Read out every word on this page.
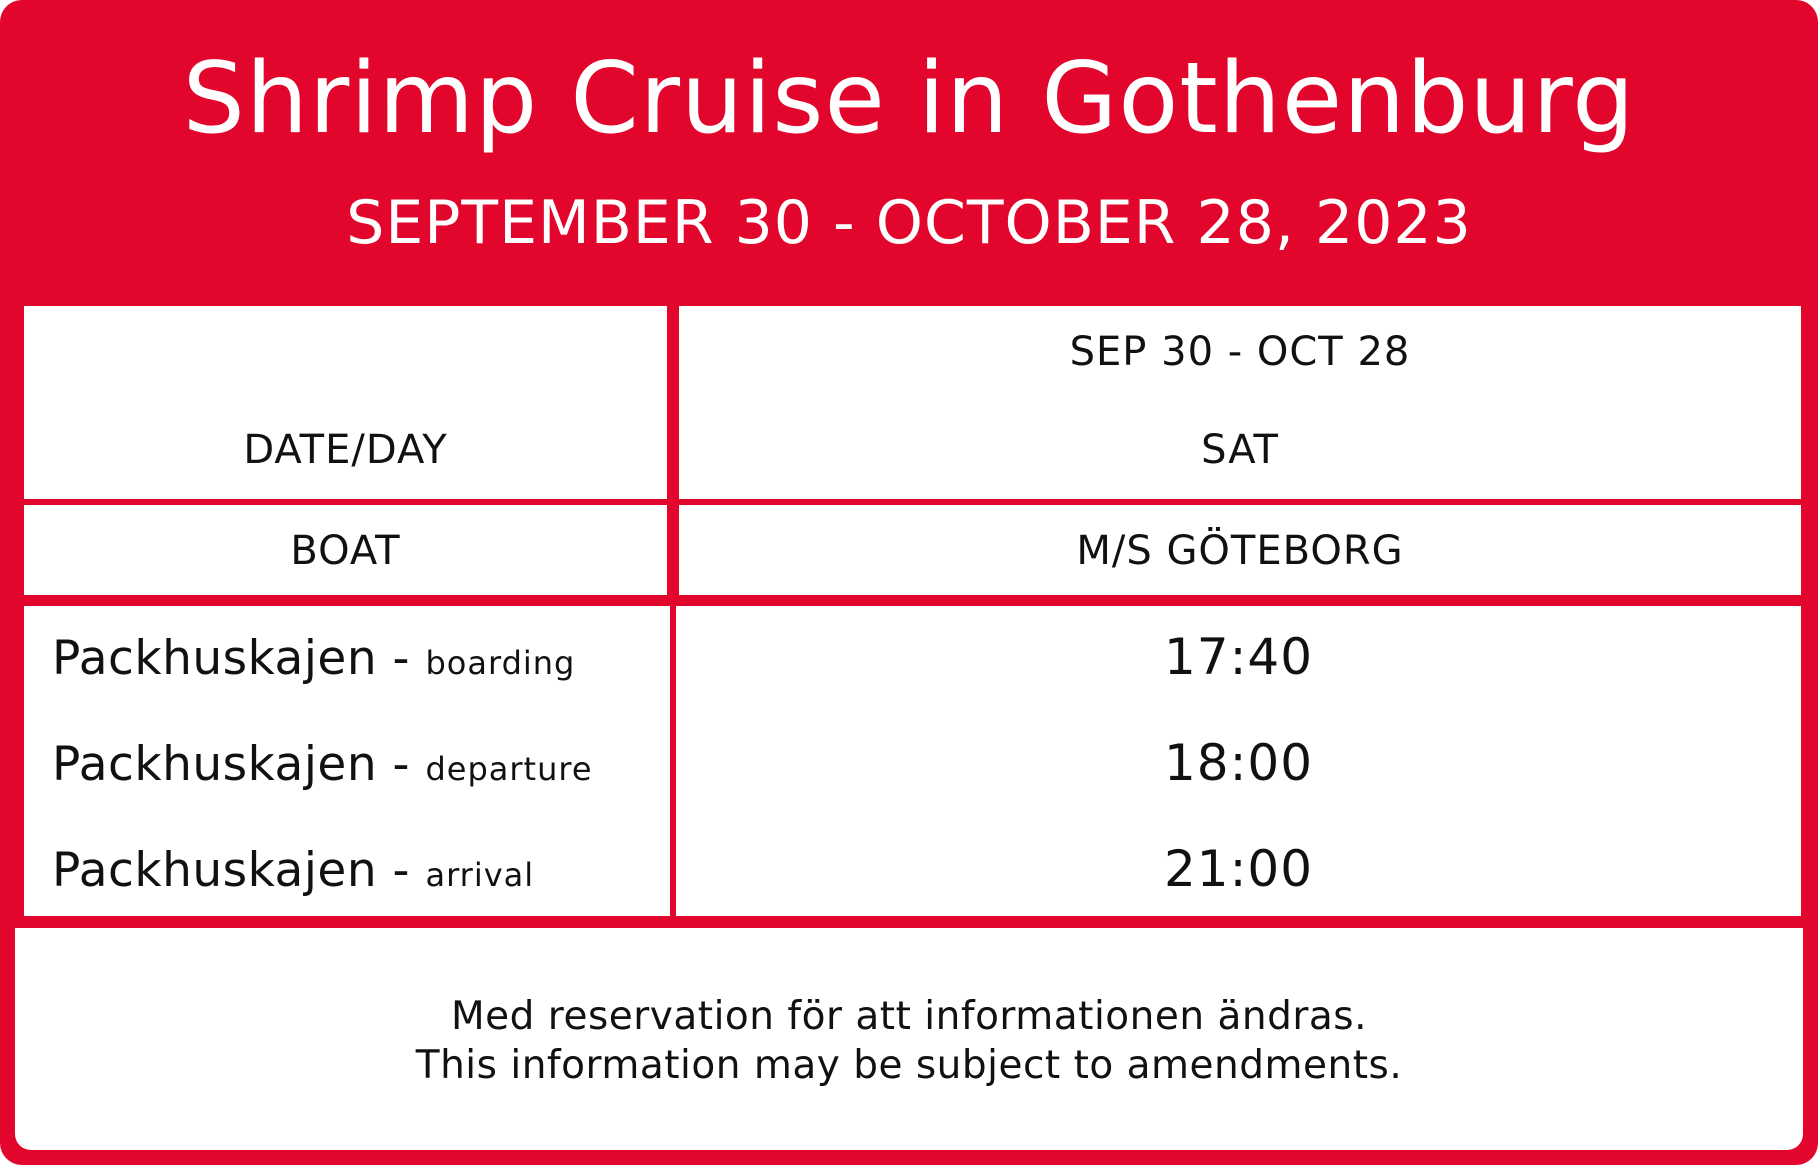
Shrimp Cruise in Gothenburg
SEPTEMBER 30 - OCTOBER 28, 2023
DATE/DAY
SEP 30 - OCT 28
SAT
BOAT	M/S GÖTEBORG
Packhuskajen - boarding
Packhuskajen - departure
Packhuskajen - arrival
17:40
18:00
21:00
Med reservation för att informationen ändras.
This information may be subject to amendments.
